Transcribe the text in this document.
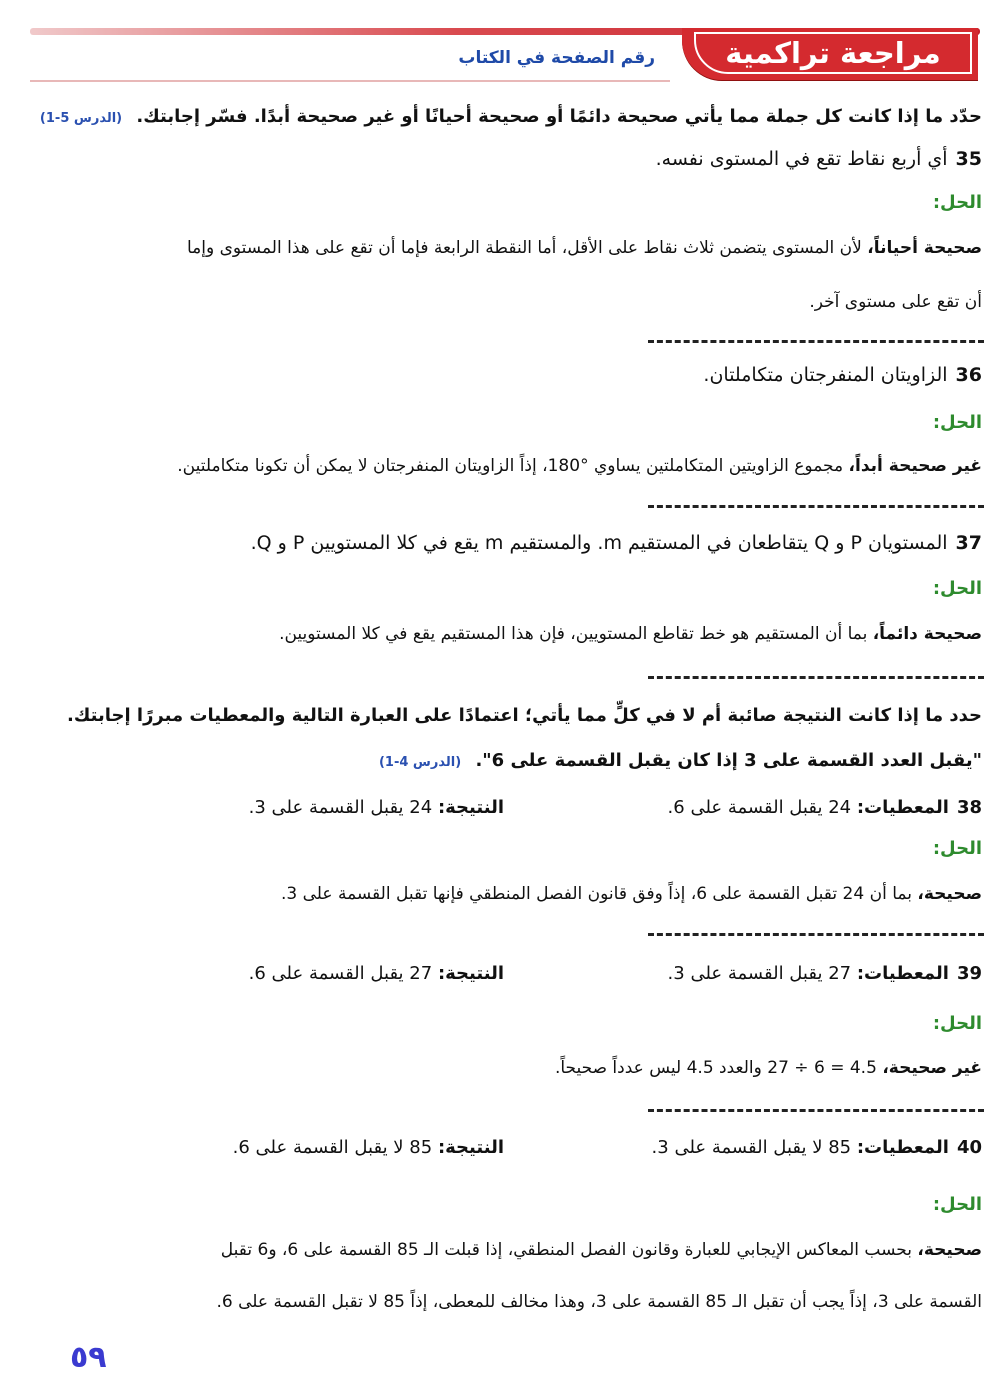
مراجعة تراكمية
رقم الصفحة في الكتاب
حدّد ما إذا كانت كل جملة مما يأتي صحيحة دائمًا أو صحيحة أحيانًا أو غير صحيحة أبدًا. فسّر إجابتك. (الدرس 5-1)
35أي أربع نقاط تقع في المستوى نفسه.
الحل:
صحيحة أحياناً، لأن المستوى يتضمن ثلاث نقاط على الأقل، أما النقطة الرابعة فإما أن تقع على هذا المستوى وإما
أن تقع على مستوى آخر.
36الزاويتان المنفرجتان متكاملتان.
الحل:
غير صحيحة أبداً، مجموع الزاويتين المتكاملتين يساوي °180، إذاً الزاويتان المنفرجتان لا يمكن أن تكونا متكاملتين.
37المستويان P و Q يتقاطعان في المستقيم m. والمستقيم m يقع في كلا المستويين P و Q.
الحل:
صحيحة دائماً، بما أن المستقيم هو خط تقاطع المستويين، فإن هذا المستقيم يقع في كلا المستويين.
حدد ما إذا كانت النتيجة صائبة أم لا في كلٍّ مما يأتي؛ اعتمادًا على العبارة التالية والمعطيات مبررًا إجابتك.
"يقبل العدد القسمة على 3 إذا كان يقبل القسمة على 6". (الدرس 4-1)
38المعطيات: 24 يقبل القسمة على 6.
النتيجة: 24 يقبل القسمة على 3.
الحل:
صحيحة، بما أن 24 تقبل القسمة على 6، إذاً وفق قانون الفصل المنطقي فإنها تقبل القسمة على 3.
39المعطيات: 27 يقبل القسمة على 3.
النتيجة: 27 يقبل القسمة على 6.
الحل:
غير صحيحة، 4.5 = 6 ÷ 27 والعدد 4.5 ليس عدداً صحيحاً.
40المعطيات: 85 لا يقبل القسمة على 3.
النتيجة: 85 لا يقبل القسمة على 6.
الحل:
صحيحة، بحسب المعاكس الإيجابي للعبارة وقانون الفصل المنطقي، إذا قبلت الـ 85 القسمة على 6، و6 تقبل
القسمة على 3، إذاً يجب أن تقبل الـ 85 القسمة على 3، وهذا مخالف للمعطى، إذاً 85 لا تقبل القسمة على 6.
٥٩
